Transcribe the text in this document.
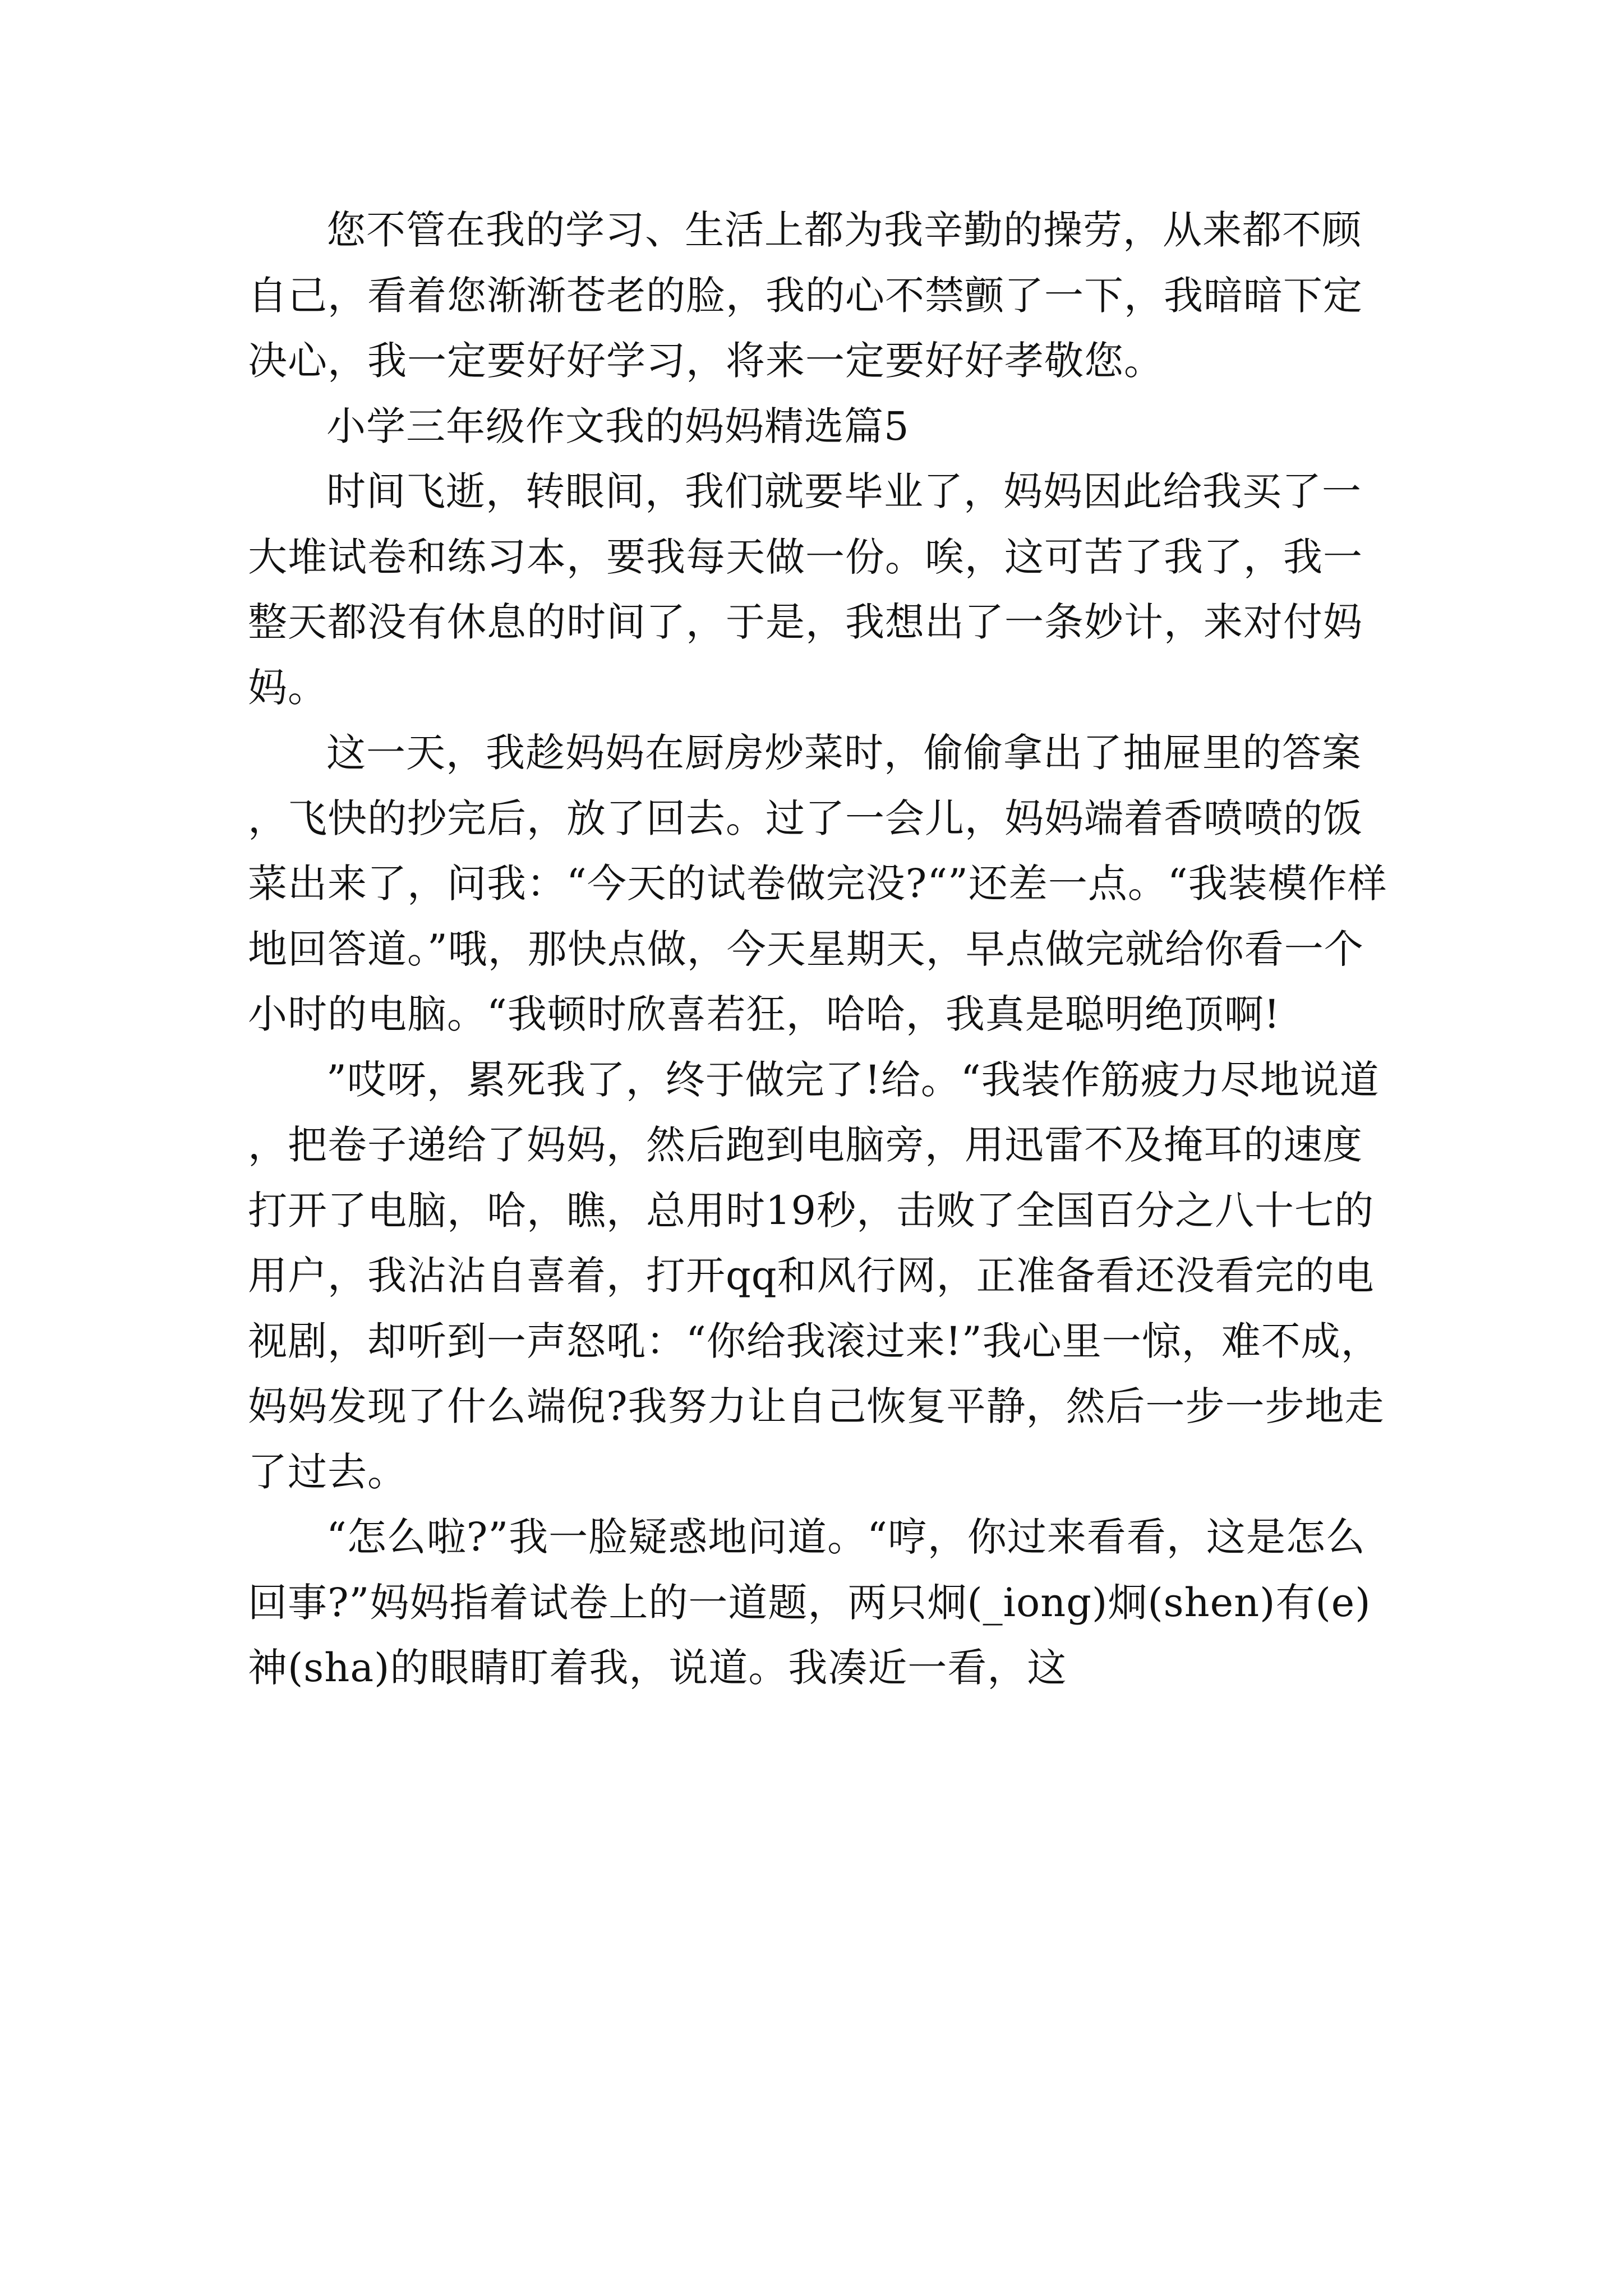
您不管在我的学习、生活上都为我辛勤的操劳，从来都不顾自己，看着您渐渐苍老的脸，我的心不禁颤了一下，我暗暗下定决心，我一定要好好学习，将来一定要好好孝敬您。

小学三年级作文我的妈妈精选篇5

时间飞逝，转眼间，我们就要毕业了，妈妈因此给我买了一大堆试卷和练习本，要我每天做一份。唉，这可苦了我了，我一整天都没有休息的时间了，于是，我想出了一条妙计，来对付妈妈。

这一天，我趁妈妈在厨房炒菜时，偷偷拿出了抽屉里的答案，飞快的抄完后，放了回去。过了一会儿，妈妈端着香喷喷的饭菜出来了，问我：“今天的试卷做完没?“”还差一点。“我装模作样地回答道。”哦，那快点做，今天星期天，早点做完就给你看一个小时的电脑。“我顿时欣喜若狂，哈哈，我真是聪明绝顶啊!

”哎呀，累死我了，终于做完了!给。“我装作筋疲力尽地说道，把卷子递给了妈妈，然后跑到电脑旁，用迅雷不及掩耳的速度打开了电脑，哈，瞧，总用时19秒，击败了全国百分之八十七的用户，我沾沾自喜着，打开qq和风行网，正准备看还没看完的电视剧，却听到一声怒吼：“你给我滚过来!”我心里一惊，难不成，妈妈发现了什么端倪?我努力让自己恢复平静，然后一步一步地走了过去。

“怎么啦?”我一脸疑惑地问道。“哼，你过来看看，这是怎么回事?”妈妈指着试卷上的一道题，两只炯(_iong)炯(shen)有(e)神(sha)的眼睛盯着我，说道。我凑近一看，这
